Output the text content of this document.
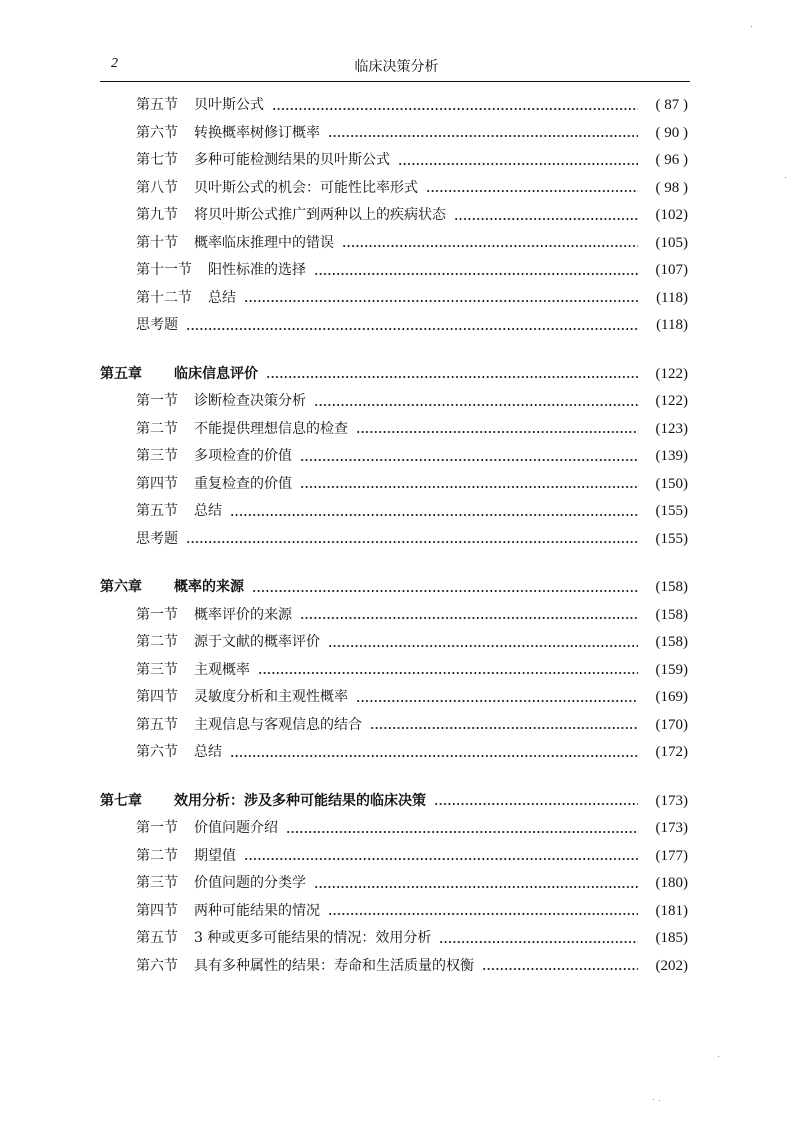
2	临床决策分析
第五节 贝叶斯公式	( 87 )
第六节 转换概率树修订概率	( 90 )
第七节 多种可能检测结果的贝叶斯公式	( 96 )
第八节 贝叶斯公式的机会：可能性比率形式	( 98 )
第九节 将贝叶斯公式推广到两种以上的疾病状态	(102)
第十节 概率临床推理中的错误	(105)
第十一节 阳性标准的选择	(107)
第十二节 总结	(118)
思考题	(118)
第五章 临床信息评价	(122)
第一节 诊断检查决策分析	(122)
第二节 不能提供理想信息的检查	(123)
第三节 多项检查的价值	(139)
第四节 重复检查的价值	(150)
第五节 总结	(155)
思考题	(155)
第六章 概率的来源	(158)
第一节 概率评价的来源	(158)
第二节 源于文献的概率评价	(158)
第三节 主观概率	(159)
第四节 灵敏度分析和主观性概率	(169)
第五节 主观信息与客观信息的结合	(170)
第六节 总结	(172)
第七章 效用分析：涉及多种可能结果的临床决策	(173)
第一节 价值问题介绍	(173)
第二节 期望值	(177)
第三节 价值问题的分类学	(180)
第四节 两种可能结果的情况	(181)
第五节 3 种或更多可能结果的情况：效用分析	(185)
第六节 具有多种属性的结果：寿命和生活质量的权衡	(202)
